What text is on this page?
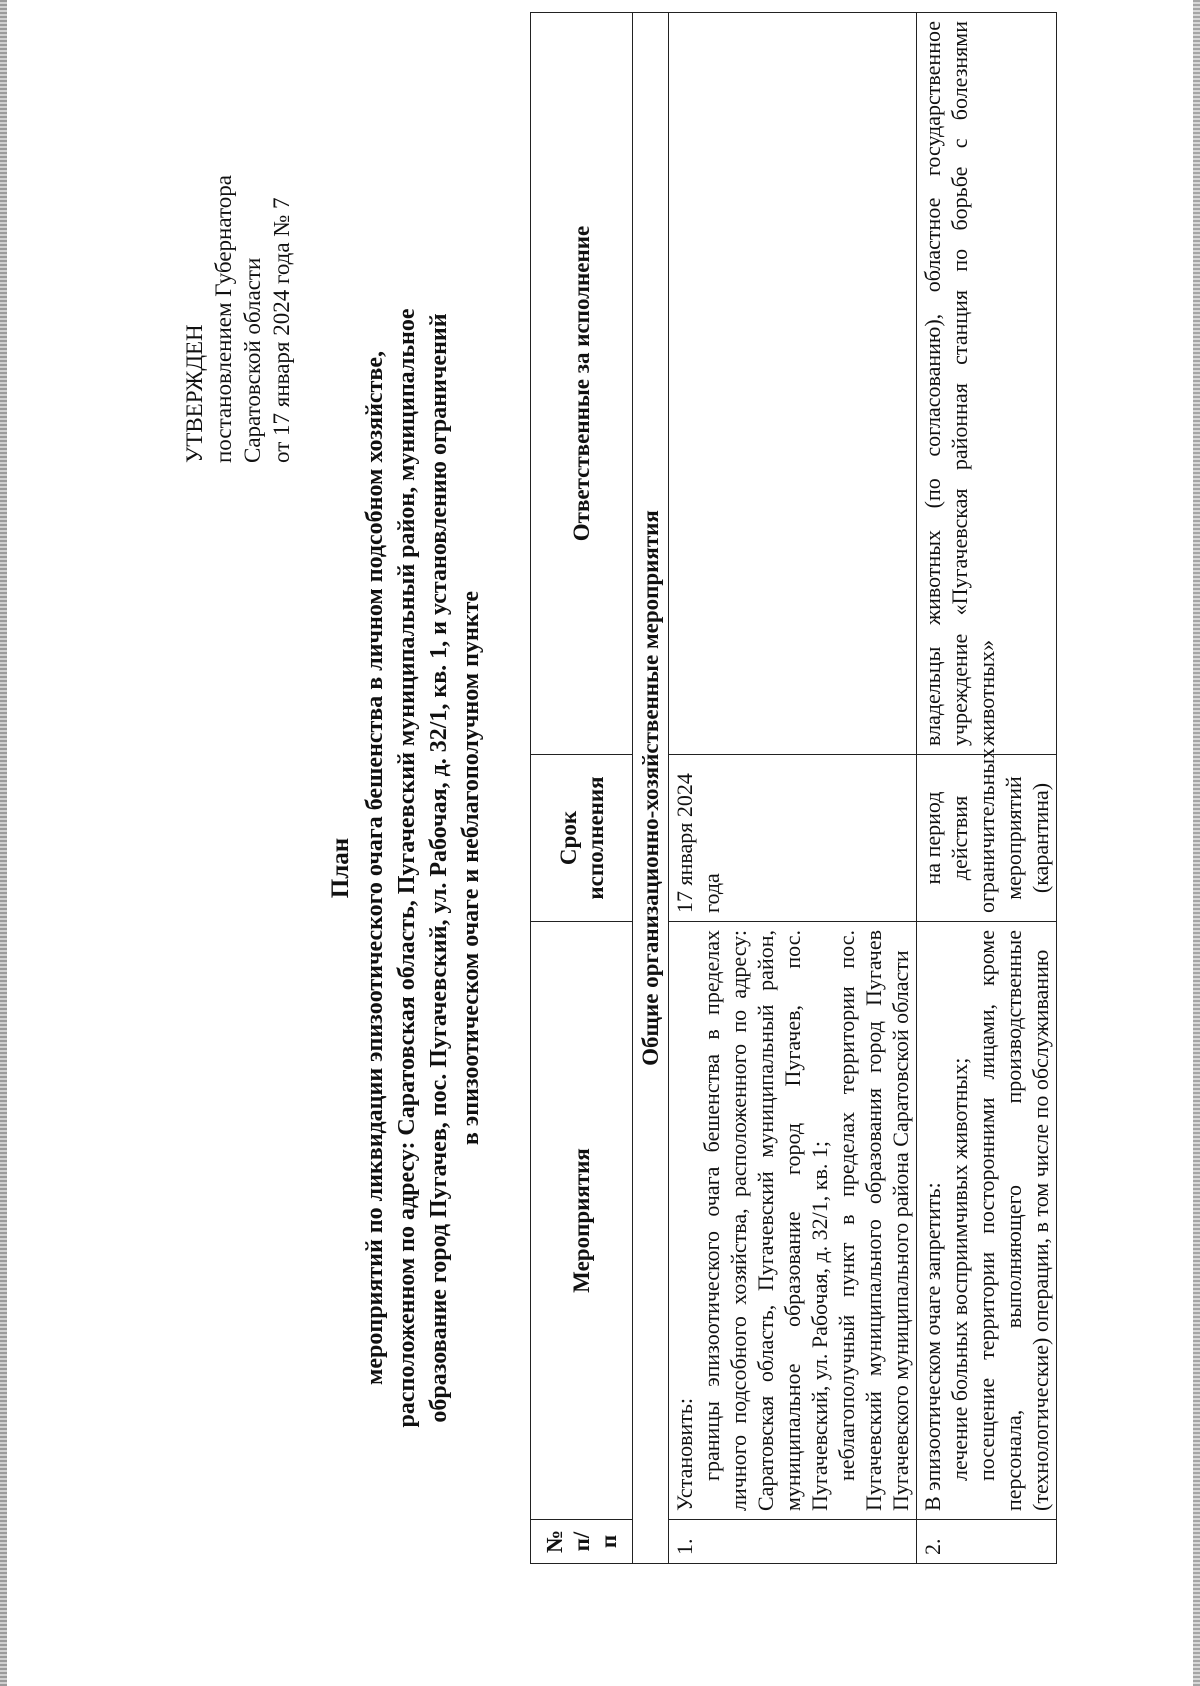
УТВЕРЖДЕН постановлением Губернатора Саратовской области от 17 января 2024 года № 7
План мероприятий по ликвидации эпизоотического очага бешенства в личном подсобном хозяйстве, расположенном по адресу: Саратовская область, Пугачевский муниципальный район, муниципальное образование город Пугачев, пос. Пугачевский, ул. Рабочая, д. 32/1, кв. 1, и установлению ограничений в эпизоотическом очаге и неблагополучном пункте
№ п/п	Мероприятия	Срок исполнения	Ответственные за исполнение
Общие организационно-хозяйственные мероприятия			
1.	Установить: границы эпизоотического очага бешенства в пределах личного подсобного хозяйства, расположенного по адресу: Саратовская область, Пугачевский муниципальный район, муниципальное образование город Пугачев, пос. Пугачевский, ул. Рабочая, д. 32/1, кв. 1; неблагополучный пункт в пределах территории пос. Пугачевский муниципального образования город Пугачев Пугачевского муниципального района Саратовской области	17 января 2024 года	
2.	В эпизоотическом очаге запретить: лечение больных восприимчивых животных; посещение территории посторонними лицами, кроме персонала, выполняющего производственные (технологические) операции, в том числе по обслуживанию	на период действия ограничительных мероприятий (карантина)	владельцы животных (по согласованию), областное государственное учреждение «Пугачевская районная станция по борьбе с болезнями животных»
